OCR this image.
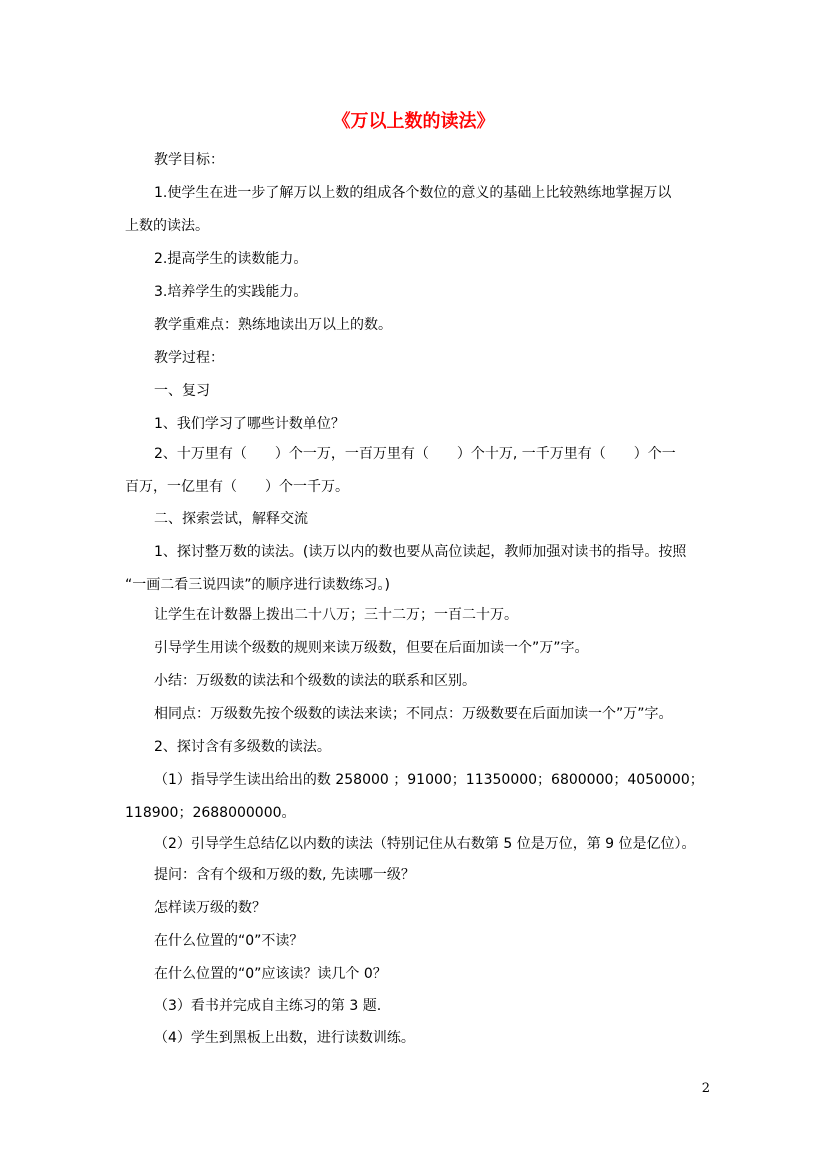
《万以上数的读法》
教学目标：
1.使学生在进一步了解万以上数的组成各个数位的意义的基础上比较熟练地掌握万以
上数的读法。
2.提高学生的读数能力。
3.培养学生的实践能力。
教学重难点：熟练地读出万以上的数。
教学过程：
一、复习
1、我们学习了哪些计数单位？
2、十万里有（　　）个一万，一百万里有（　　）个十万, 一千万里有（　　）个一
百万，一亿里有（　　）个一千万。
二、探索尝试，解释交流
1、探讨整万数的读法。(读万以内的数也要从高位读起，教师加强对读书的指导。按照
“一画二看三说四读”的顺序进行读数练习。)
让学生在计数器上拨出二十八万；三十二万；一百二十万。
引导学生用读个级数的规则来读万级数，但要在后面加读一个”万”字。
小结：万级数的读法和个级数的读法的联系和区别。
相同点：万级数先按个级数的读法来读；不同点：万级数要在后面加读一个”万”字。
2、探讨含有多级数的读法。
（1）指导学生读出给出的数 258000 ；91000；11350000；6800000；4050000；
118900；2688000000。
（2）引导学生总结亿以内数的读法（特别记住从右数第 5 位是万位，第 9 位是亿位）。
提问：含有个级和万级的数, 先读哪一级？
怎样读万级的数？
在什么位置的“0”不读？
在什么位置的“0”应该读？读几个 0？
（3）看书并完成自主练习的第 3 题.
（4）学生到黑板上出数，进行读数训练。
2
